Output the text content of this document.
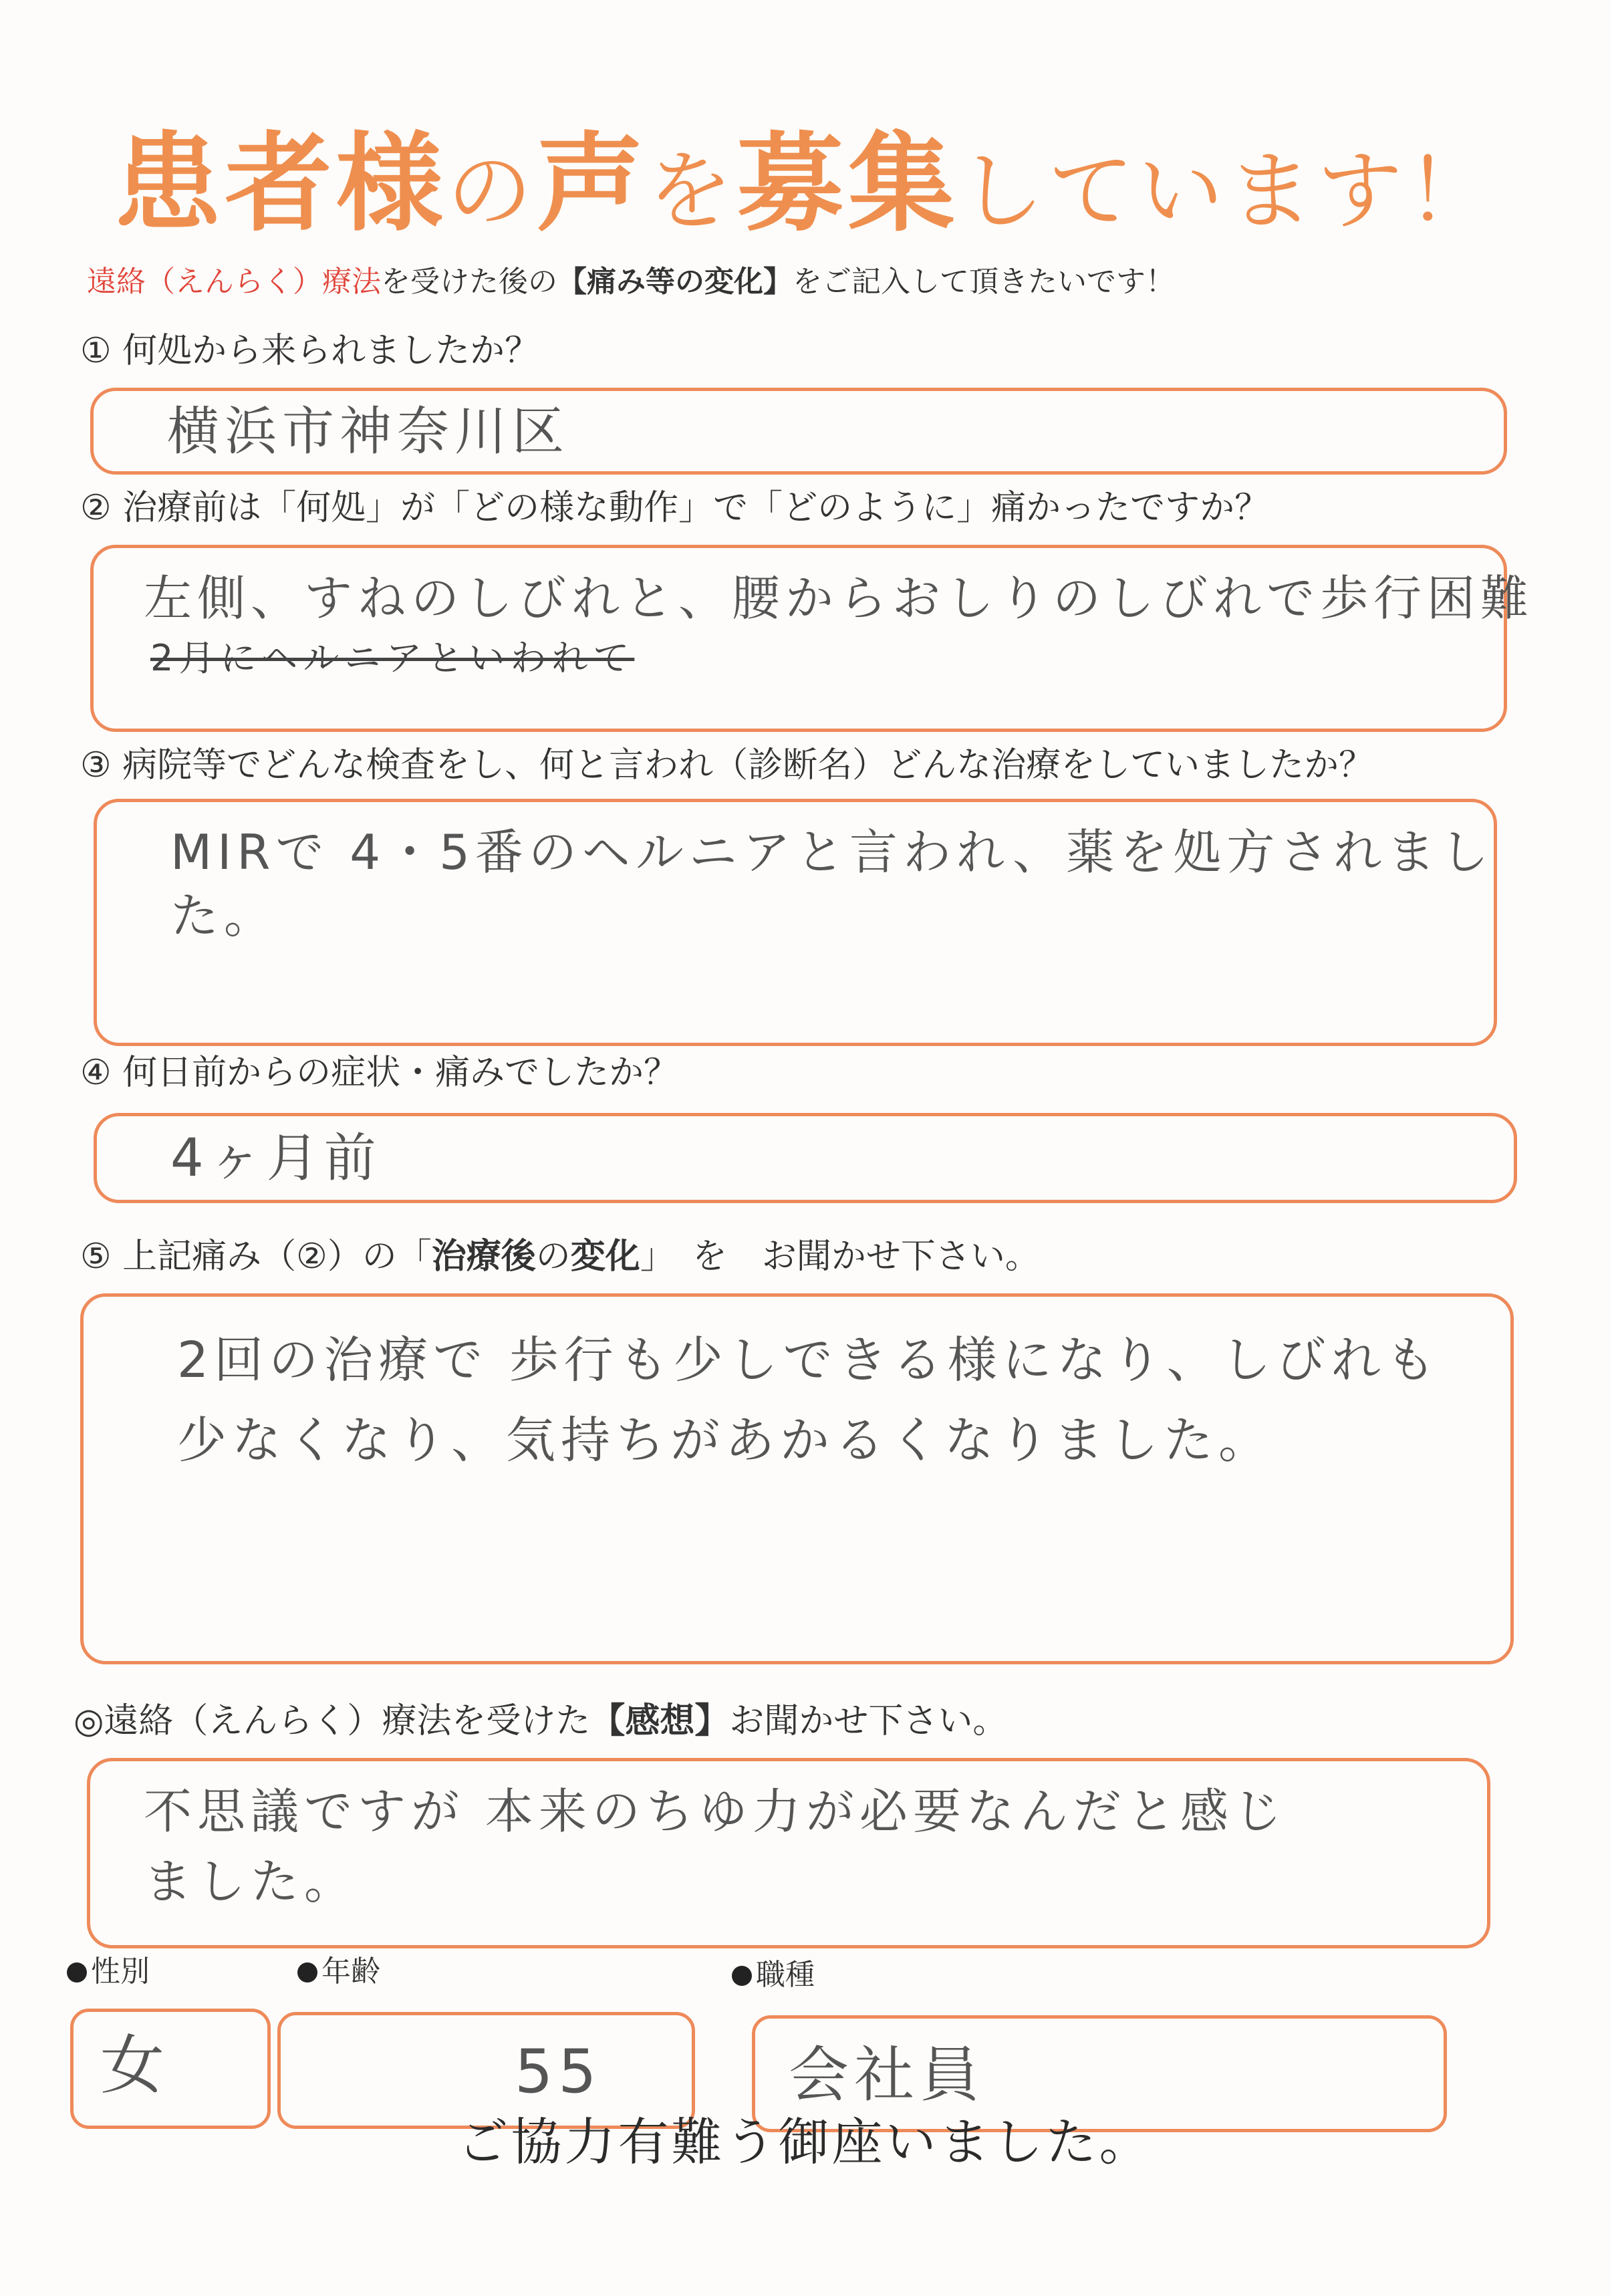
患者様の声を募集しています！
遠絡（えんらく）療法を受けた後の【痛み等の変化】をご記入して頂きたいです！
① 何処から来られましたか？
横浜市神奈川区
② 治療前は「何処」が「どの様な動作」で「どのように」痛かったですか？
左側、すねのしびれと、腰からおしりのしびれで歩行困難
2月にヘルニアといわれて
③ 病院等でどんな検査をし、何と言われ（診断名）どんな治療をしていましたか？
MIRで 4・5番のヘルニアと言われ、薬を処方されまし
た。
④ 何日前からの症状・痛みでしたか？
4ヶ月前
⑤ 上記痛み（②）の「治療後の変化」　を　お聞かせ下さい。
2回の治療で 歩行も少しできる様になり、しびれも
少なくなり、気持ちがあかるくなりました。
◎遠絡（えんらく）療法を受けた【感想】お聞かせ下さい。
不思議ですが 本来のちゆ力が必要なんだと感じ
ました。
性別	年齢	職種
女	55	会社員
ご協力有難う御座いました。
